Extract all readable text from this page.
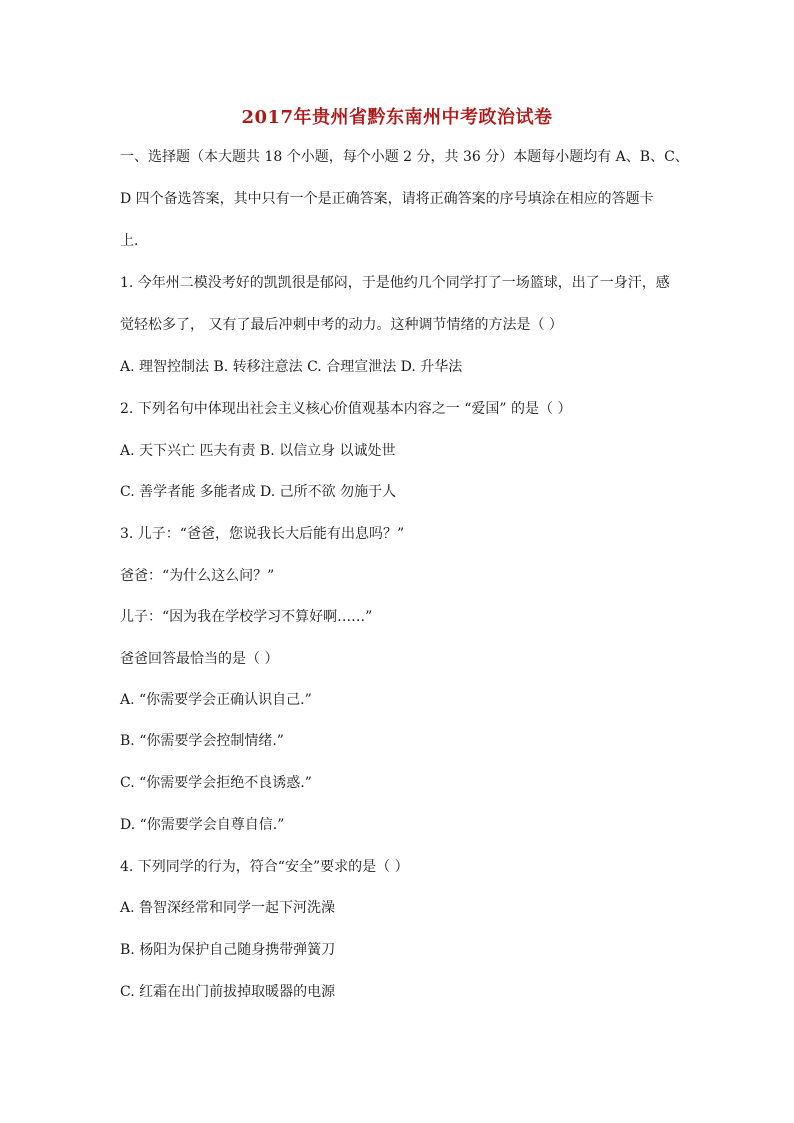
2017年贵州省黔东南州中考政治试卷
一、选择题（本大题共 18 个小题，每个小题 2 分，共 36 分）本题每小题均有 A、B、C、
D 四个备选答案，其中只有一个是正确答案，请将正确答案的序号填涂在相应的答题卡
上.
1. 今年州二模没考好的凯凯很是郁闷，于是他约几个同学打了一场篮球，出了一身汗，感
觉轻松多了， 又有了最后冲刺中考的动力。这种调节情绪的方法是（ ）
A. 理智控制法 B. 转移注意法 C. 合理宣泄法 D. 升华法
2. 下列名句中体现出社会主义核心价值观基本内容之一 “爱国” 的是（ ）
A. 天下兴亡 匹夫有责 B. 以信立身 以诚处世
C. 善学者能 多能者成 D. 己所不欲 勿施于人
3. 儿子：“爸爸，您说我长大后能有出息吗？”
爸爸：“为什么这么问？”
儿子：“因为我在学校学习不算好啊……”
爸爸回答最恰当的是（ ）
A. “你需要学会正确认识自己.”
B. “你需要学会控制情绪.”
C. “你需要学会拒绝不良诱惑.”
D. “你需要学会自尊自信.”
4. 下列同学的行为，符合“安全”要求的是（ ）
A. 鲁智深经常和同学一起下河洗澡
B. 杨阳为保护自己随身携带弹簧刀
C. 红霜在出门前拔掉取暖器的电源
